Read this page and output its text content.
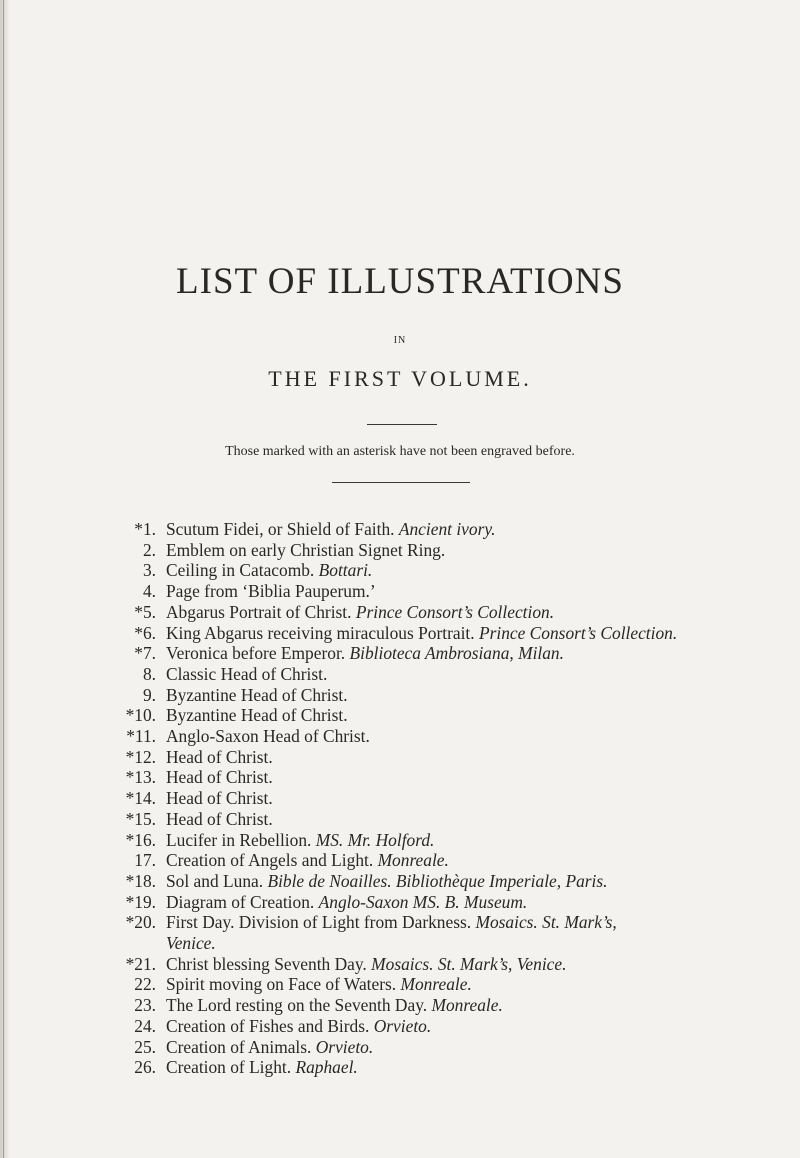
LIST OF ILLUSTRATIONS
IN
THE FIRST VOLUME.
Those marked with an asterisk have not been engraved before.
*1. Scutum Fidei, or Shield of Faith. Ancient ivory.
2. Emblem on early Christian Signet Ring.
3. Ceiling in Catacomb. Bottari.
4. Page from ‘Biblia Pauperum.’
*5. Abgarus Portrait of Christ. Prince Consort’s Collection.
*6. King Abgarus receiving miraculous Portrait. Prince Consort’s Collection.
*7. Veronica before Emperor. Biblioteca Ambrosiana, Milan.
8. Classic Head of Christ.
9. Byzantine Head of Christ.
*10. Byzantine Head of Christ.
*11. Anglo-Saxon Head of Christ.
*12. Head of Christ.
*13. Head of Christ.
*14. Head of Christ.
*15. Head of Christ.
*16. Lucifer in Rebellion. MS. Mr. Holford.
17. Creation of Angels and Light. Monreale.
*18. Sol and Luna. Bible de Noailles. Bibliothèque Imperiale, Paris.
*19. Diagram of Creation. Anglo-Saxon MS. B. Museum.
*20. First Day. Division of Light from Darkness. Mosaics. St. Mark’s,
Venice.
*21. Christ blessing Seventh Day. Mosaics. St. Mark’s, Venice.
22. Spirit moving on Face of Waters. Monreale.
23. The Lord resting on the Seventh Day. Monreale.
24. Creation of Fishes and Birds. Orvieto.
25. Creation of Animals. Orvieto.
26. Creation of Light. Raphael.
